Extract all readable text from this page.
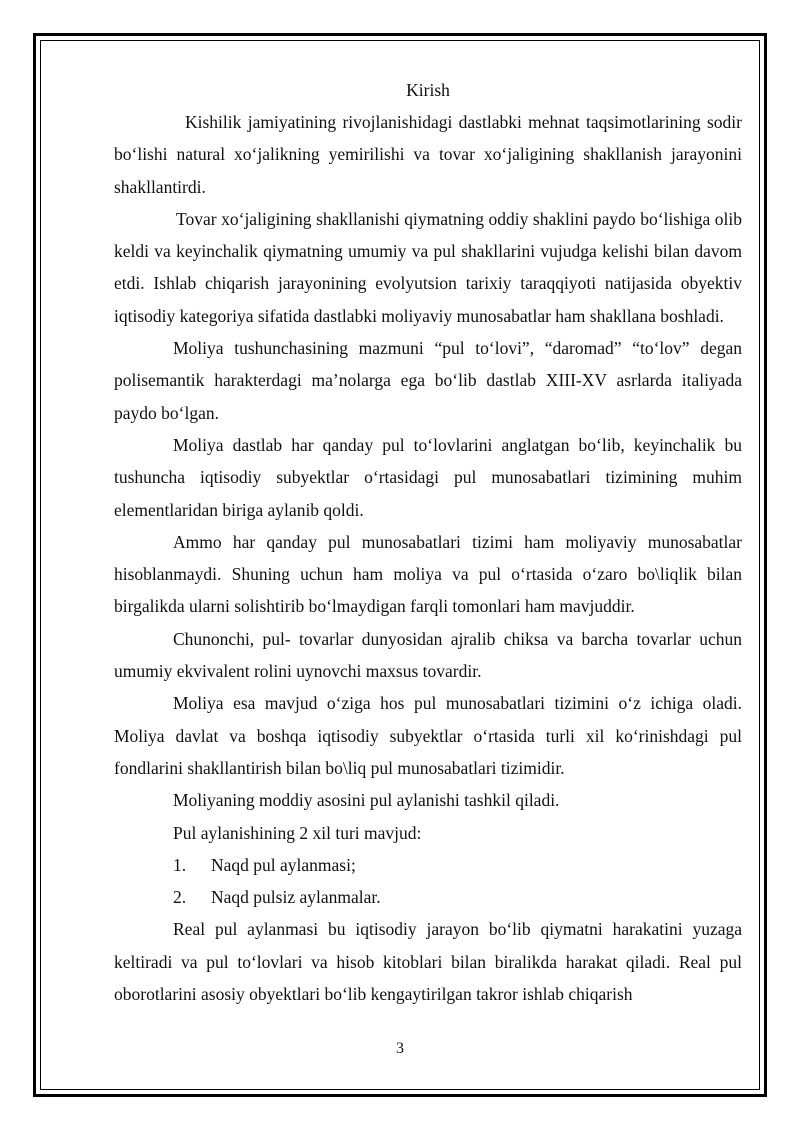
Kirish

Kishilik jamiyatining rivojlanishidagi dastlabki mehnat taqsimotlarining sodir bo‘lishi natural xo‘jalikning yemirilishi va tovar xo‘jaligining shakllanish jarayonini shakllantirdi.

Tovar xo‘jaligining shakllanishi qiymatning oddiy shaklini paydo bo‘lishiga olib keldi va keyinchalik qiymatning umumiy va pul shakllarini vujudga kelishi bilan davom etdi. Ishlab chiqarish jarayonining evolyutsion tarixiy taraqqiyoti natijasida obyektiv iqtisodiy kategoriya sifatida dastlabki moliyaviy munosabatlar ham shakllana boshladi.

Moliya tushunchasining mazmuni “pul to‘lovi”, “daromad” “to‘lov” degan polisemantik harakterdagi ma’nolarga ega bo‘lib dastlab XIII-XV asrlarda italiyada paydo bo‘lgan.

Moliya dastlab har qanday pul to‘lovlarini anglatgan bo‘lib, keyinchalik bu tushuncha iqtisodiy subyektlar o‘rtasidagi pul munosabatlari tizimining muhim elementlaridan biriga aylanib qoldi.

Ammo har qanday pul munosabatlari tizimi ham moliyaviy munosabatlar hisoblanmaydi. Shuning uchun ham moliya va pul o‘rtasida o‘zaro bo\liqlik bilan birgalikda ularni solishtirib bo‘lmaydigan farqli tomonlari ham mavjuddir.

Chunonchi, pul- tovarlar dunyosidan ajralib chiksa va barcha tovarlar uchun umumiy ekvivalent rolini uynovchi maxsus tovardir.

Moliya esa mavjud o‘ziga hos pul munosabatlari tizimini o‘z ichiga oladi. Moliya davlat va boshqa iqtisodiy subyektlar o‘rtasida turli xil ko‘rinishdagi pul fondlarini shakllantirish bilan bo\liq pul munosabatlari tizimidir.

Moliyaning moddiy asosini pul aylanishi tashkil qiladi.

Pul aylanishining 2 xil turi mavjud:

1. Naqd pul aylanmasi;
2. Naqd pulsiz aylanmalar.

Real pul aylanmasi bu iqtisodiy jarayon bo‘lib qiymatni harakatini yuzaga keltiradi va pul to‘lovlari va hisob kitoblari bilan biralikda harakat qiladi. Real pul oborotlarini asosiy obyektlari bo‘lib kengaytirilgan takror ishlab chiqarish

3
